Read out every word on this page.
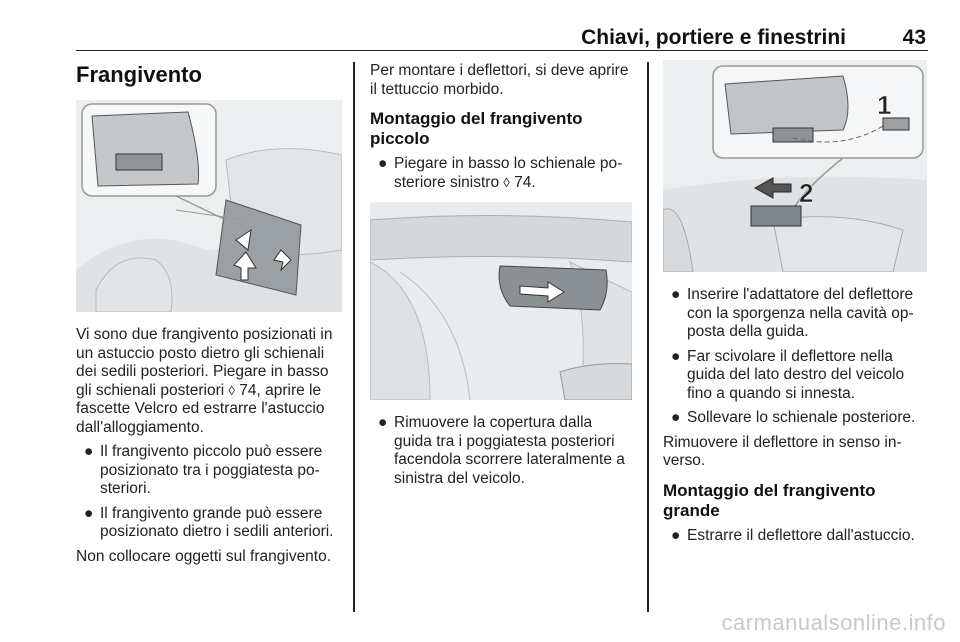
Chiavi, portiere e finestrini	43
Frangivento

Vi sono due frangivento posizionati in un astuccio posto dietro gli schienali dei sedili posteriori. Piegare in basso gli schienali posteriori ◊ 74, aprire le fascette Velcro ed estrarre l'astuccio dall'alloggiamento.

● Il frangivento piccolo può essere posizionato tra i poggiatesta posteriori.
● Il frangivento grande può essere posizionato dietro i sedili anteriori.

Non collocare oggetti sul frangivento.

Per montare i deflettori, si deve aprire il tettuccio morbido.

Montaggio del frangivento piccolo
● Piegare in basso lo schienale posteriore sinistro ◊ 74.
● Rimuovere la copertura dalla guida tra i poggiatesta posteriori facendola scorrere lateralmente a sinistra del veicolo.
1
2
● Inserire l'adattatore del deflettore con la sporgenza nella cavità opposta della guida.
● Far scivolare il deflettore nella guida del lato destro del veicolo fino a quando si innesta.
● Sollevare lo schienale posteriore.

Rimuovere il deflettore in senso inverso.

Montaggio del frangivento grande
● Estrarre il deflettore dall'astuccio.
carmanualsonline.info
